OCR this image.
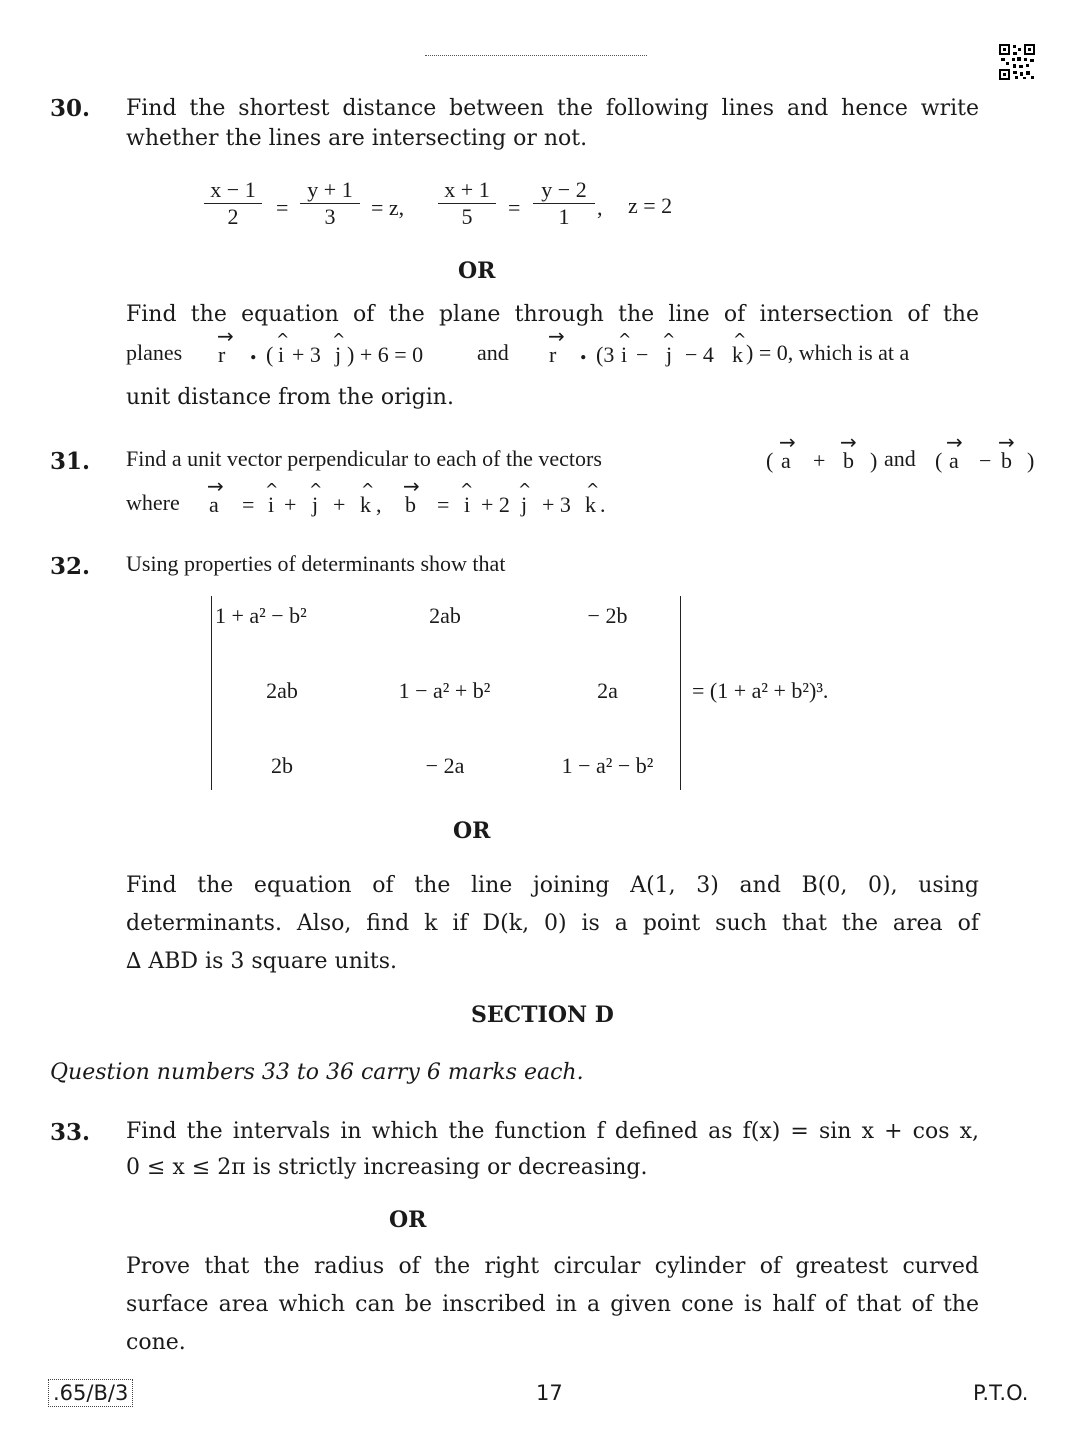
30. Find the shortest distance between the following lines and hence write
whether the lines are intersecting or not.
$\frac{x - 1}{2} = \frac{y + 1}{3} = z$, $\frac{x + 1}{5} = \frac{y - 2}{1}$ , z = 2
OR
Find the equation of the plane through the line of intersection of the
planes
→
r . (
^
i + 3
^
j ) + 6 = 0 and
→
r . (3
^
i −
^
j − 4
^
k ) = 0, which is at a
unit distance from the origin.
31. Find a unit vector perpendicular to each of the vectors	(
→
a +
→
b ) and (
→
a −
→
b )
where
→
a =
^
i +
^
j +
^
k ,
→
b =
^
i + 2
^
j + 3
^
k .
32. Using properties of determinants show that
1 + a² − b²	2ab	− 2b
2ab	1 − a² + b²	2a
2b	− 2a	1 − a² − b²
= (1 + a² + b²)³.
OR
Find the equation of the line joining A(1, 3) and B(0, 0), using
determinants. Also, find k if D(k, 0) is a point such that the area of
∆ ABD is 3 square units.
SECTION D
Question numbers 33 to 36 carry 6 marks each.
33. Find the intervals in which the function f defined as f(x) = sin x + cos x,
0 ≤ x ≤ 2π is strictly increasing or decreasing.
OR
Prove that the radius of the right circular cylinder of greatest curved
surface area which can be inscribed in a given cone is half of that of the
cone.
.65/B/3	17	P.T.O.
